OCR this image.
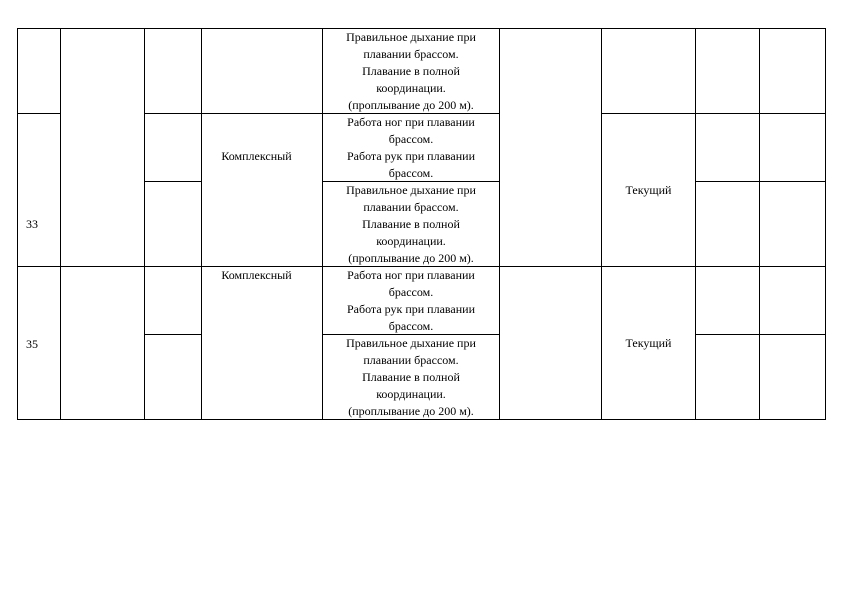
Правильное дыхание при
плавании брассом.
Плавание в полной
координации.
(проплывание до 200 м).
33
Комплексный
Работа ног при плавании
брассом.
Работа рук при плавании
брассом.
Правильное дыхание при
плавании брассом.
Плавание в полной
координации.
(проплывание до 200 м).
Текущий
35
Комплексный	Работа ног при плавании
брассом.
Работа рук при плавании
брассом.
Правильное дыхание при
плавании брассом.
Плавание в полной
координации.
(проплывание до 200 м).
Текущий
